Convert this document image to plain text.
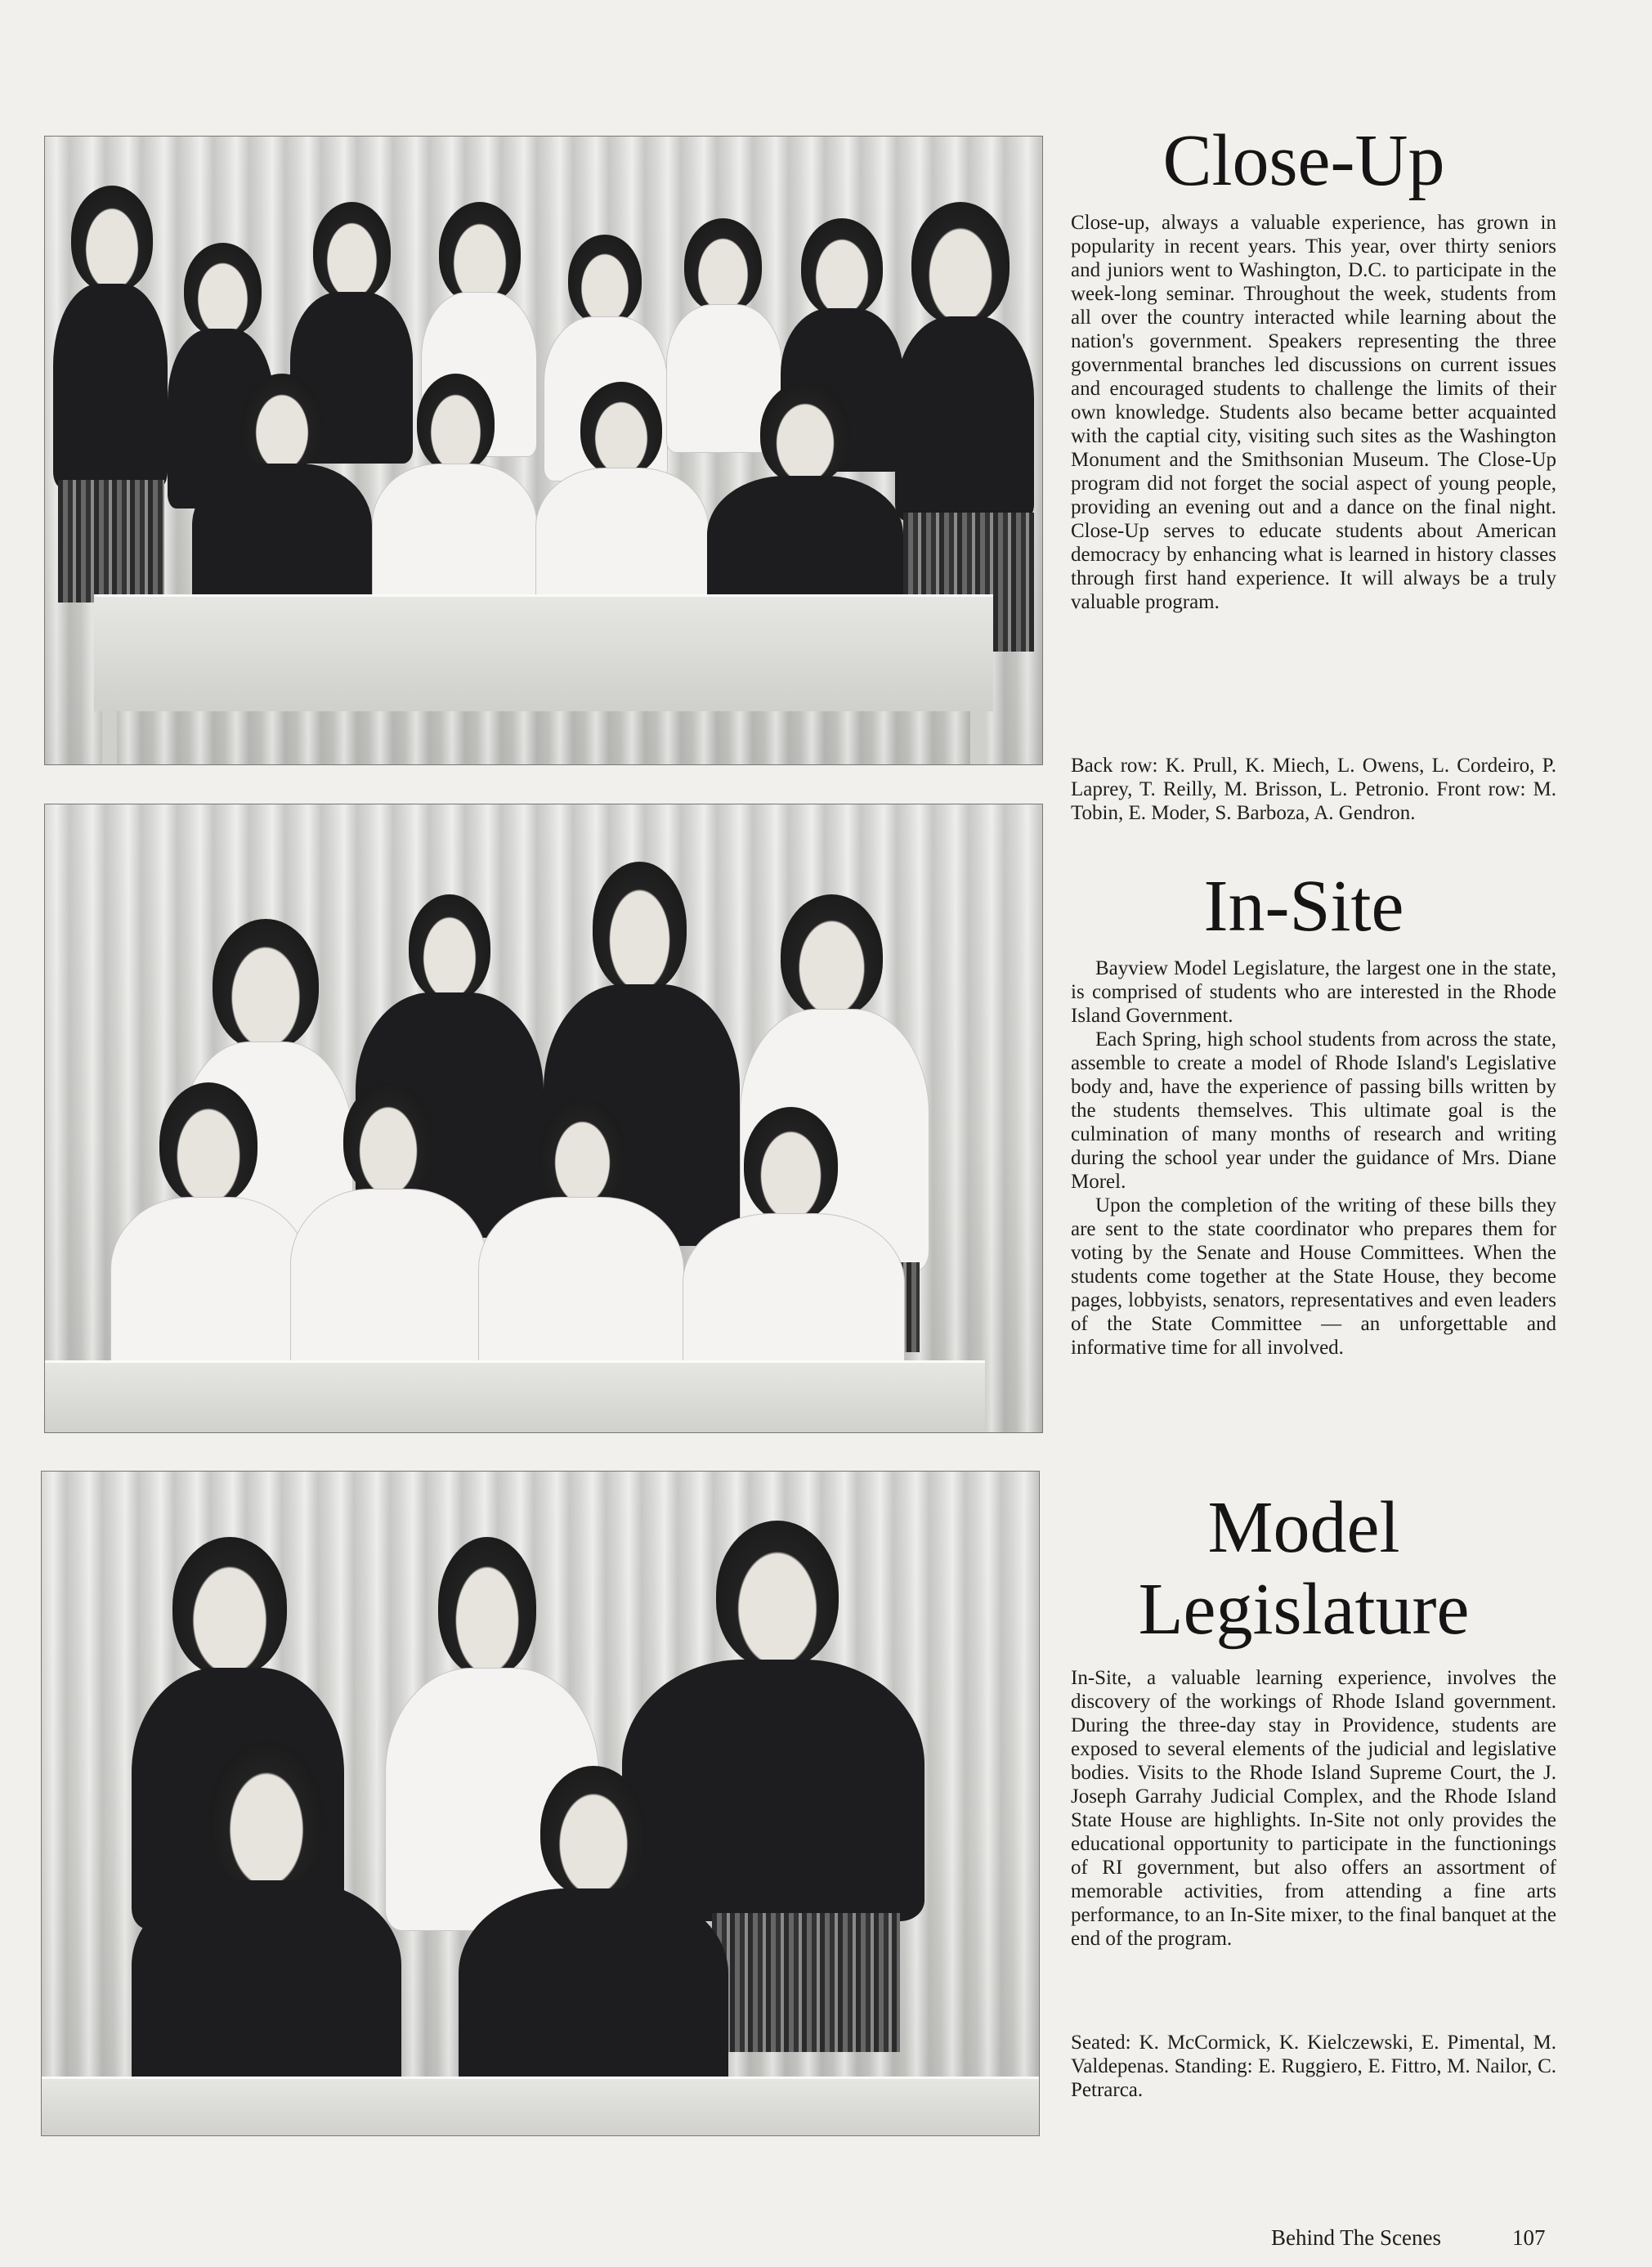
Close-Up

Close-up, always a valuable experience, has grown in popularity in recent years. This year, over thirty seniors and juniors went to Washington, D.C. to participate in the week-long seminar. Throughout the week, students from all over the country interacted while learning about the nation's government. Speakers representing the three governmental branches led discussions on current issues and encouraged students to challenge the limits of their own knowledge. Students also became better acquainted with the captial city, visiting such sites as the Washington Monument and the Smithsonian Museum. The Close-Up program did not forget the social aspect of young people, providing an evening out and a dance on the final night. Close-Up serves to educate students about American democracy by enhancing what is learned in history classes through first hand experience. It will always be a truly valuable program.

Back row: K. Prull, K. Miech, L. Owens, L. Cordeiro, P. Laprey, T. Reilly, M. Brisson, L. Petronio. Front row: M. Tobin, E. Moder, S. Barboza, A. Gendron.

In-Site
Bayview Model Legislature, the largest one in the state, is comprised of students who are interested in the Rhode Island Government.
Each Spring, high school students from across the state, assemble to create a model of Rhode Island's Legislative body and, have the experience of passing bills written by the students themselves. This ultimate goal is the culmination of many months of research and writing during the school year under the guidance of Mrs. Diane Morel.
Upon the completion of the writing of these bills they are sent to the state coordinator who prepares them for voting by the Senate and House Committees. When the students come together at the State House, they become pages, lobbyists, senators, representatives and even leaders of the State Committee — an unforgettable and informative time for all involved.
Model
Legislature

In-Site, a valuable learning experience, involves the discovery of the workings of Rhode Island government. During the three-day stay in Providence, students are exposed to several elements of the judicial and legislative bodies. Visits to the Rhode Island Supreme Court, the J. Joseph Garrahy Judicial Complex, and the Rhode Island State House are highlights. In-Site not only provides the educational opportunity to participate in the functionings of RI government, but also offers an assortment of memorable activities, from attending a fine arts performance, to an In-Site mixer, to the final banquet at the end of the program.

Seated: K. McCormick, K. Kielczewski, E. Pimental, M. Valdepenas. Standing: E. Ruggiero, E. Fittro, M. Nailor, C. Petrarca.

Behind The Scenes	107
